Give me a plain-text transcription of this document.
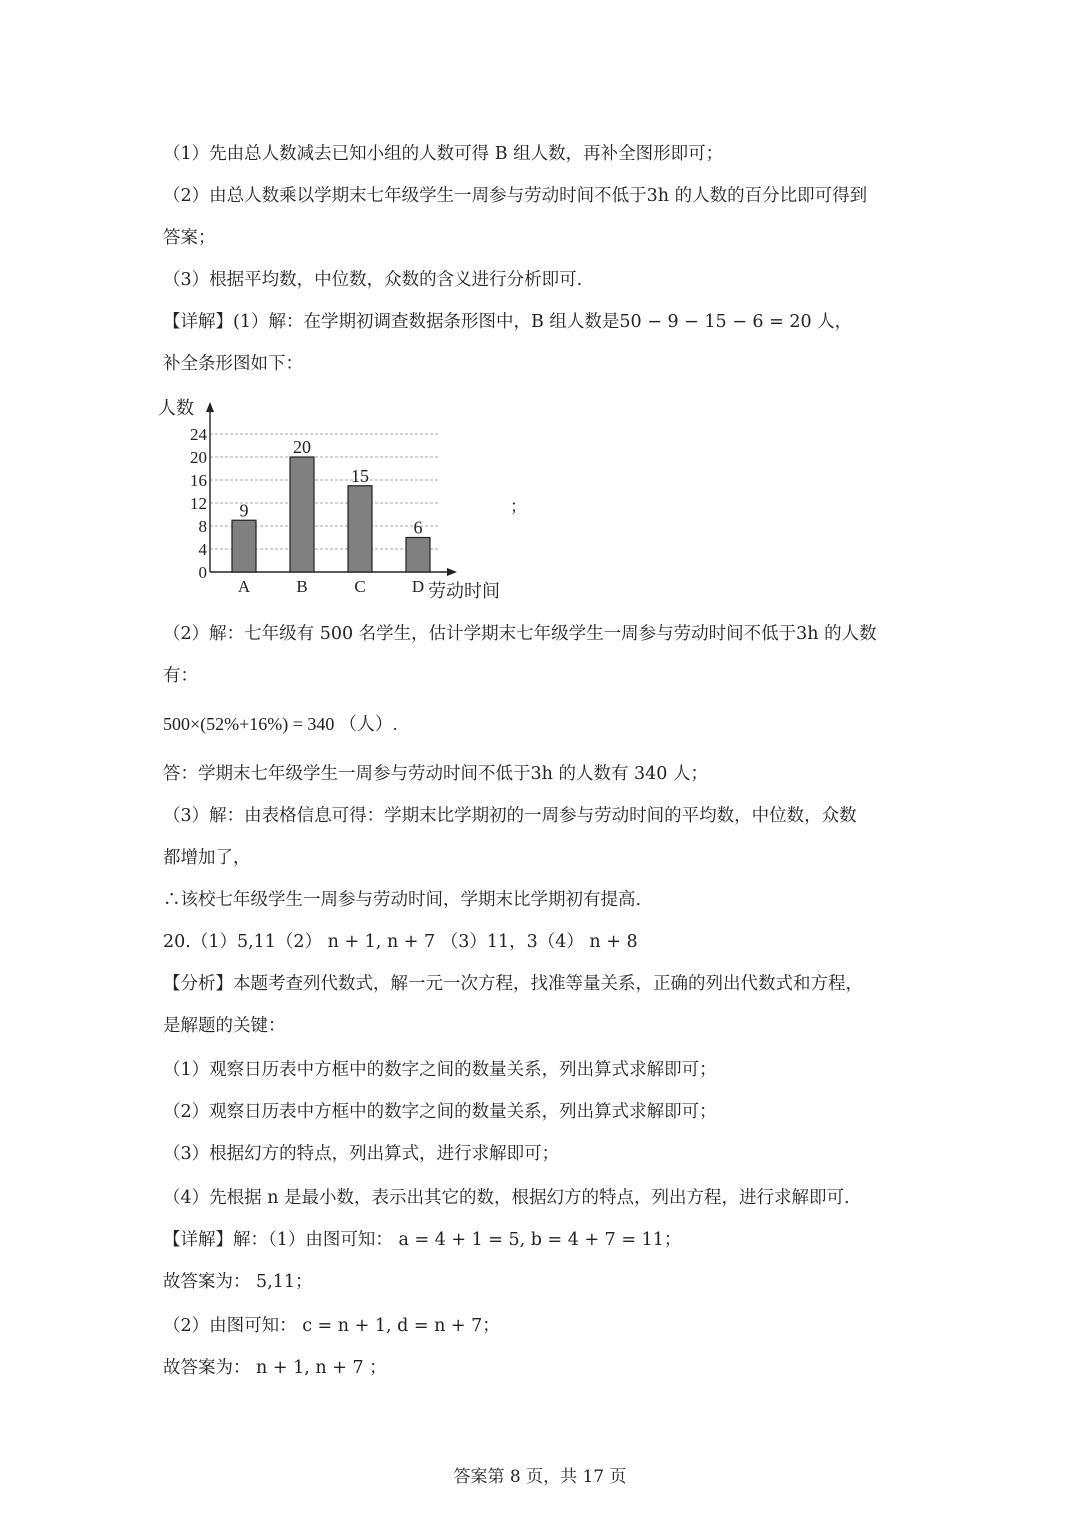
（1）先由总人数减去已知小组的人数可得 B 组人数，再补全图形即可；
（2）由总人数乘以学期末七年级学生一周参与劳动时间不低于3h 的人数的百分比即可得到
答案；
（3）根据平均数，中位数，众数的含义进行分析即可.
【详解】(1）解：在学期初调查数据条形图中，B 组人数是50 − 9 − 15 − 6 = 20 人，
补全条形图如下：
0
4
8
12
16
20
24
人数
9
A
20
B
15
C
6
D 劳动时间
；
（2）解：七年级有 500 名学生，估计学期末七年级学生一周参与劳动时间不低于3h 的人数
有：
500×(52%+16%) = 340 （人）.
答：学期末七年级学生一周参与劳动时间不低于3h 的人数有 340 人；
（3）解：由表格信息可得：学期末比学期初的一周参与劳动时间的平均数，中位数，众数
都增加了，
∴该校七年级学生一周参与劳动时间，学期末比学期初有提高.
20.（1）5,11（2） n + 1, n + 7 （3）11，3（4） n + 8
【分析】本题考查列代数式，解一元一次方程，找准等量关系，正确的列出代数式和方程，
是解题的关键：
（1）观察日历表中方框中的数字之间的数量关系，列出算式求解即可；
（2）观察日历表中方框中的数字之间的数量关系，列出算式求解即可；
（3）根据幻方的特点，列出算式，进行求解即可；
（4）先根据 n 是最小数，表示出其它的数，根据幻方的特点，列出方程，进行求解即可.
【详解】解：（1）由图可知： a = 4 + 1 = 5, b = 4 + 7 = 11；
故答案为： 5,11；
（2）由图可知： c = n + 1, d = n + 7；
故答案为： n + 1, n + 7 ；
答案第 8 页，共 17 页
